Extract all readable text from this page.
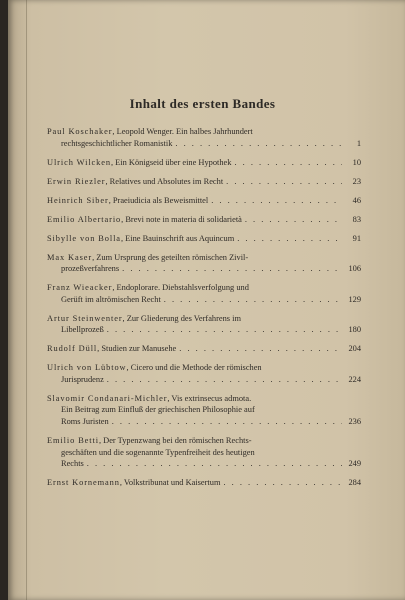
Inhalt des ersten Bandes
Paul Koschaker, Leopold Wenger. Ein halbes Jahrhundert
rechtsgeschichtlicher Romanistik . . .	1
Ulrich Wilcken, Ein Königseid über eine Hypothek . . .	10
Erwin Riezler, Relatives und Absolutes im Recht . . .	23
Heinrich Siber, Praeiudicia als Beweismittel . . .	46
Emilio Albertario, Brevi note in materia di solidarietà . . .	83
Sibylle von Bolla, Eine Bauinschrift aus Aquincum . . .	91
Max Kaser, Zum Ursprung des geteilten römischen Zivil-
prozeßverfahrens . . .	106
Franz Wieacker, Endoplorare. Diebstahlsverfolgung und
Gerüft im altrömischen Recht . . .	129
Artur Steinwenter, Zur Gliederung des Verfahrens im
Libellprozeß . . .	180
Rudolf Düll, Studien zur Manusehe . . .	204
Ulrich von Lübtow, Cicero und die Methode der römischen
Jurisprudenz . . .	224
Slavomir Condanari-Michler, Vis extrinsecus admota.
Ein Beitrag zum Einfluß der griechischen Philosophie auf
Roms Juristen . . .	236
Emilio Betti, Der Typenzwang bei den römischen Rechts-
geschäften und die sogenannte Typenfreiheit des heutigen
Rechts . . .	249
Ernst Kornemann, Volkstribunat und Kaisertum . . .	284
